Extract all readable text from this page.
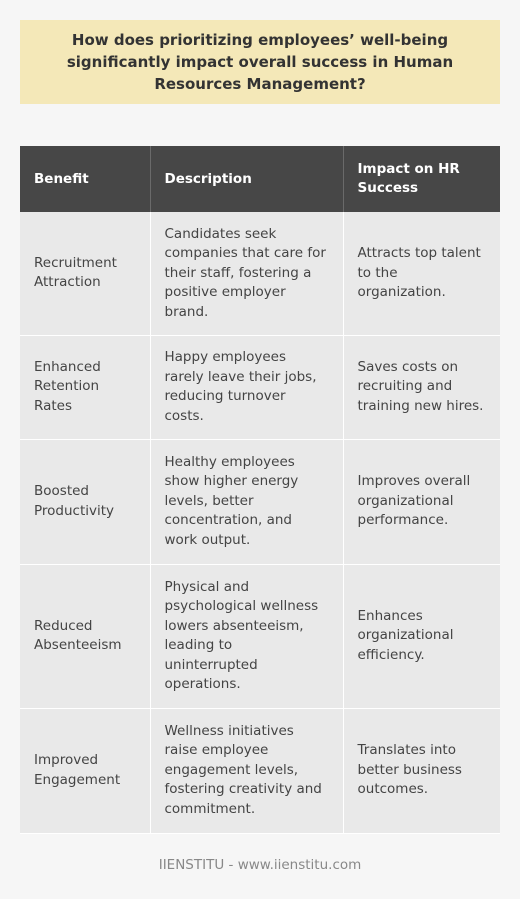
How does prioritizing employees’ well-being significantly impact overall success in Human Resources Management?
Benefit	Description	Impact on HR Success
Recruitment Attraction	Candidates seek companies that care for their staff, fostering a positive employer brand.	Attracts top talent to the organization.
Enhanced Retention Rates	Happy employees rarely leave their jobs, reducing turnover costs.	Saves costs on recruiting and training new hires.
Boosted Productivity	Healthy employees show higher energy levels, better concentration, and work output.	Improves overall organizational performance.
Reduced Absenteeism	Physical and psychological wellness lowers absenteeism, leading to uninterrupted operations.	Enhances organizational efficiency.
Improved Engagement	Wellness initiatives raise employee engagement levels, fostering creativity and commitment.	Translates into better business outcomes.
IIENSTITU - www.iienstitu.com
